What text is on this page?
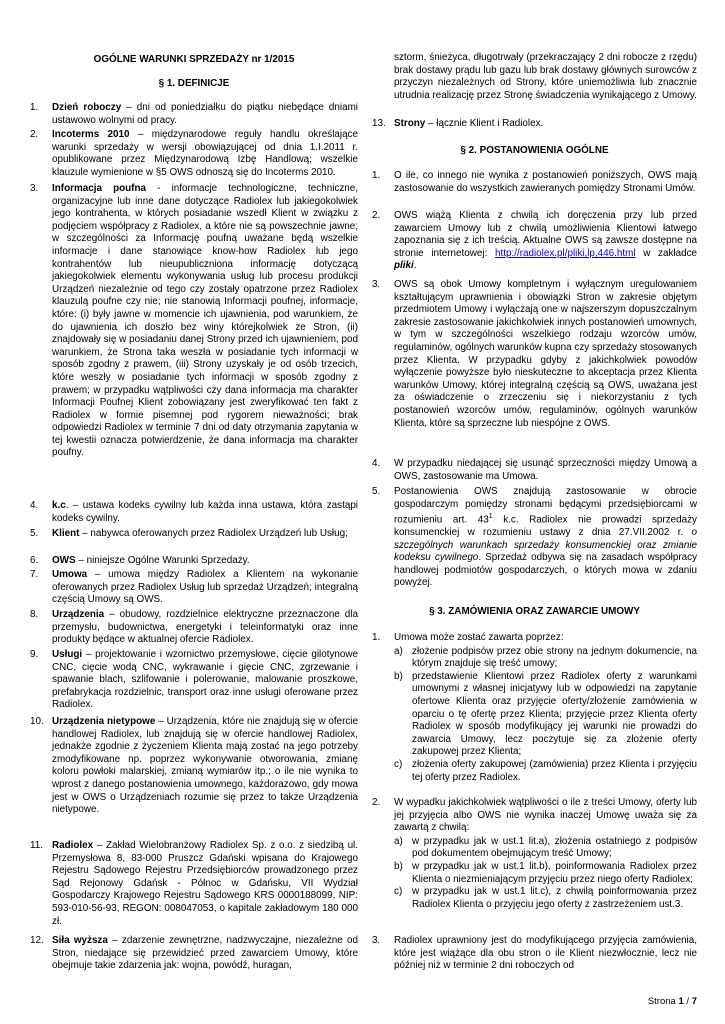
OGÓLNE WARUNKI SPRZEDAŻY nr 1/2015

§ 1. DEFINICJE

1.	Dzień roboczy – dni od poniedziałku do piątku niebędące dniami ustawowo wolnymi od pracy.
2.	Incoterms 2010 – międzynarodowe reguły handlu określające warunki sprzedaży w wersji obowiązującej od dnia 1.I.2011 r. opublikowane przez Międzynarodową Izbę Handlową; wszelkie klauzule wymienione w §5 OWS odnoszą się do Incoterms 2010.
3.	Informacja poufna - informacje technologiczne, techniczne, organizacyjne lub inne dane dotyczące Radiolex lub jakiegokolwiek jego kontrahenta, w których posiadanie wszedł Klient w związku z podjęciem współpracy z Radiolex, a które nie są powszechnie jawne; w szczególności za Informację poufną uważane będą wszelkie informacje i dane stanowiące know-how Radiolex lub jego kontrahentów lub nieupubliczniona informację dotyczącą jakiegokolwiek elementu wykonywania usług lub procesu produkcji Urządzeń niezależnie od tego czy zostały opatrzone przez Radiolex klauzulą poufne czy nie; nie stanowią Informacji poufnej, informacje, które: (i) były jawne w momencie ich ujawnienia, pod warunkiem, że do ujawnienia ich doszło bez winy którejkolwiek ze Stron, (ii) znajdowały się w posiadaniu danej Strony przed ich ujawnieniem, pod warunkiem, że Strona taka weszła w posiadanie tych informacji w sposób zgodny z prawem, (iii) Strony uzyskały je od osób trzecich, które weszły w posiadanie tych informacji w sposób zgodny z prawem; w przypadku wątpliwości czy dana informacja ma charakter Informacji Poufnej Klient zobowiązany jest zweryfikować ten fakt z Radiolex w formie pisemnej pod rygorem nieważności; brak odpowiedzi Radiolex w terminie 7 dni od daty otrzymania zapytania w tej kwestii oznacza potwierdzenie, że dana informacja ma charakter poufny.
4.	k.c. – ustawa kodeks cywilny lub każda inna ustawa, która zastąpi kodeks cywilny.
5.	Klient – nabywca oferowanych przez Radiolex Urządzeń lub Usług;
6.	OWS – niniejsze Ogólne Warunki Sprzedaży.
7.	Umowa – umowa między Radiolex a Klientem na wykonanie oferowanych przez Radiolex Usług lub sprzedaż Urządzeń; integralną częścią Umowy są OWS.
8.	Urządzenia – obudowy, rozdzielnice elektryczne przeznaczone dla przemysłu, budownictwa, energetyki i teleinformatyki oraz inne produkty będące w aktualnej ofercie Radiolex.
9.	Usługi – projektowanie i wzornictwo przemysłowe, cięcie gilotynowe CNC, cięcie wodą CNC, wykrawanie i gięcie CNC, zgrzewanie i spawanie blach, szlifowanie i polerowanie, malowanie proszkowe, prefabrykacja rozdzielnic, transport oraz inne usługi oferowane przez Radiolex.
10. Urządzenia nietypowe – Urządzenia, które nie znajdują się w ofercie handlowej Radiolex, lub znajdują się w ofercie handlowej Radiolex, jednakże zgodnie z życzeniem Klienta mają zostać na jego potrzeby zmodyfikowane np. poprzez wykonywanie otworowania, zmianę koloru powłoki malarskiej, zmianą wymiarów itp.; o ile nie wynika to wprost z danego postanowienia umownego, każdorazowo, gdy mowa jest w OWS o Urządzeniach rozumie się przez to także Urządzenia nietypowe.
11. Radiolex – Zakład Wielobranżowy Radiolex Sp. z o.o. z siedzibą ul. Przemysłowa 8, 83-000 Pruszcz Gdański wpisana do Krajowego Rejestru Sądowego Rejestru Przedsiębiorców prowadzonego przez Sąd Rejonowy Gdańsk - Północ w Gdańsku, VII Wydział Gospodarczy Krajowego Rejestru Sądowego KRS 0000188099, NIP: 593-010-56-93, REGON: 008047053, o kapitale zakładowym 180 000 zł.
12. Siła wyższa – zdarzenie zewnętrzne, nadzwyczajne, niezależne od Stron, niedające się przewidzieć przed zawarciem Umowy, które obejmuje takie zdarzenia jak: wojna, powódź, huragan,
sztorm, śnieżyca, długotrwały (przekraczający 2 dni robocze z rzędu) brak dostawy prądu lub gazu lub brak dostawy głównych surowców z przyczyn niezależnych od Strony, które uniemożliwia lub znacznie utrudnia realizację przez Stronę świadczenia wynikającego z Umowy.
13. Strony – łącznie Klient i Radiolex.

§ 2. POSTANOWIENIA OGÓLNE

1.	O ile, co innego nie wynika z postanowień poniższych, OWS mają zastosowanie do wszystkich zawieranych pomiędzy Stronami Umów.
2.	OWS wiążą Klienta z chwilą ich doręczenia przy lub przed zawarciem Umowy lub z chwilą umożliwienia Klientowi łatwego zapoznania się z ich treścią. Aktualne OWS są zawsze dostępne na stronie internetowej: http://radiolex.pl/pliki,lp,446.html w zakładce pliki.
3.	OWS są obok Umowy kompletnym i wyłącznym uregulowaniem kształtującym uprawnienia i obowiązki Stron w zakresie objętym przedmiotem Umowy i wyłączają one w najszerszym dopuszczalnym zakresie zastosowanie jakichkolwiek innych postanowień umownych, w tym w szczególności wszelkiego rodzaju wzorców umów, regulaminów, ogólnych warunków kupna czy sprzedaży stosowanych przez Klienta. W przypadku gdyby z jakichkolwiek powodów wyłączenie powyższe było nieskuteczne to akceptacja przez Klienta warunków Umowy, której integralną częścią są OWS, uważana jest za oświadczenie o zrzeczeniu się i niekorzystaniu z tych postanowień wzorców umów, regulaminów, ogólnych warunków Klienta, które są sprzeczne lub niespójne z OWS.
4.	W przypadku niedającej się usunąć sprzeczności między Umową a OWS, zastosowanie ma Umowa.
5.	Postanowienia OWS znajdują zastosowanie w obrocie gospodarczym pomiędzy stronami będącymi przedsiębiorcami w rozumieniu art. $43^1$ k.c. Radiolex nie prowadzi sprzedaży konsumenckiej w rozumieniu ustawy z dnia 27.VII.2002 r. o szczególnych warunkach sprzedaży konsumenckiej oraz zmianie kodeksu cywilnego. Sprzedaż odbywa się na zasadach współpracy handlowej podmiotów gospodarczych, o których mowa w zdaniu powyżej.

§ 3. ZAMÓWIENIA ORAZ ZAWARCIE UMOWY

1.	Umowa może zostać zawarta poprzez:
a) złożenie podpisów przez obie strony na jednym dokumencie, na którym znajduje się treść umowy;
b) przedstawienie Klientowi przez Radiolex oferty z warunkami umownymi z własnej inicjatywy lub w odpowiedzi na zapytanie ofertowe Klienta oraz przyjęcie oferty/złożenie zamówienia w oparciu o tę ofertę przez Klienta; przyjęcie przez Klienta oferty Radiolex w sposób modyfikujący jej warunki nie prowadzi do zawarcia Umowy, lecz poczytuje się za złożenie oferty zakupowej przez Klienta;
c) złożenia oferty zakupowej (zamówienia) przez Klienta i przyjęciu tej oferty przez Radiolex.
2.	W wypadku jakichkolwiek wątpliwości o ile z treści Umowy, oferty lub jej przyjęcia albo OWS nie wynika inaczej Umowę uważa się za zawartą z chwilą:
a) w przypadku jak w ust.1 lit.a), złożenia ostatniego z podpisów pod dokumentem obejmującym treść Umowy;
b) w przypadku jak w ust.1 lit.b), poinformowania Radiolex przez Klienta o niezmieniającym przyjęciu przez niego oferty Radiolex;
c) w przypadku jak w ust.1 lit.c), z chwilą poinformowania przez Radiolex Klienta o przyjęciu jego oferty z zastrzeżeniem ust.3.
3.	Radiolex uprawniony jest do modyfikującego przyjęcia zamówienia, które jest wiążące dla obu stron o ile Klient niezwłocznie, lecz nie później niż w terminie 2 dni roboczych od
Strona 1 / 7
